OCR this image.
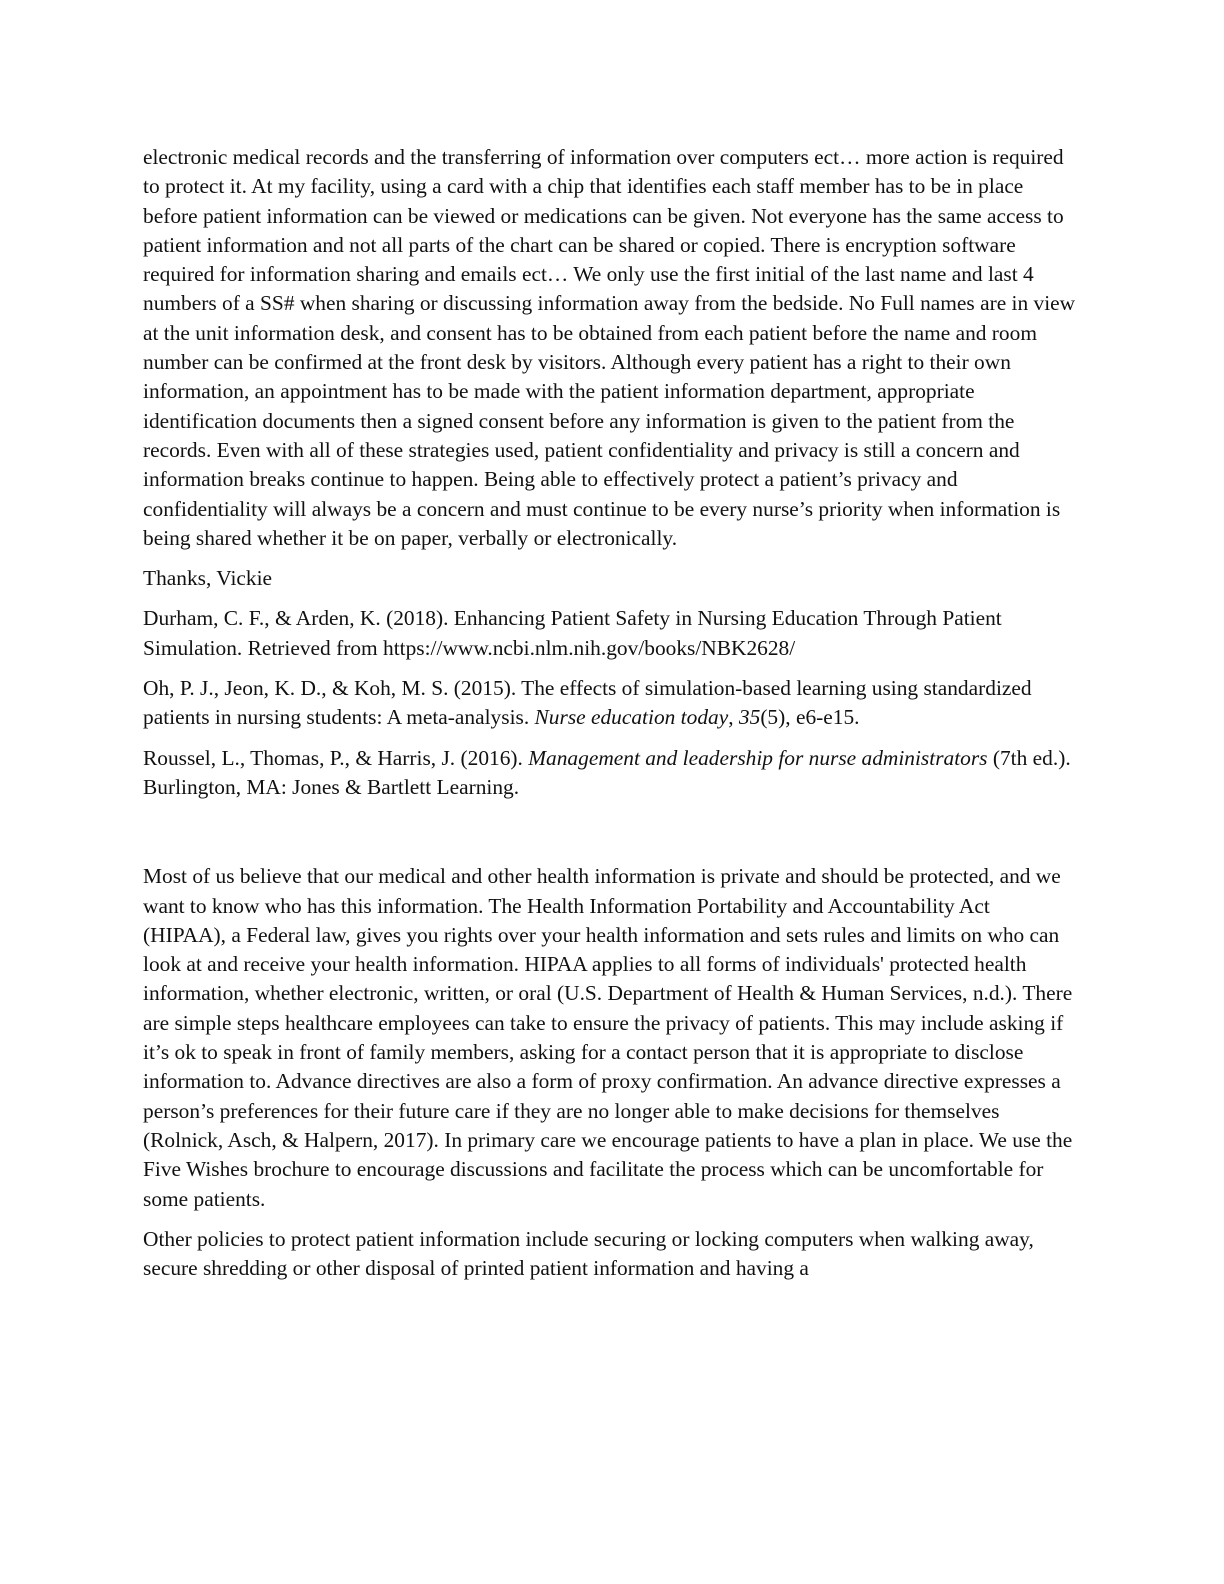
electronic medical records and the transferring of information over computers ect… more action is required to protect it. At my facility, using a card with a chip that identifies each staff member has to be in place before patient information can be viewed or medications can be given. Not everyone has the same access to patient information and not all parts of the chart can be shared or copied. There is encryption software required for information sharing and emails ect… We only use the first initial of the last name and last 4 numbers of a SS# when sharing or discussing information away from the bedside. No Full names are in view at the unit information desk, and consent has to be obtained from each patient before the name and room number can be confirmed at the front desk by visitors. Although every patient has a right to their own information, an appointment has to be made with the patient information department, appropriate identification documents then a signed consent before any information is given to the patient from the records. Even with all of these strategies used, patient confidentiality and privacy is still a concern and information breaks continue to happen. Being able to effectively protect a patient’s privacy and confidentiality will always be a concern and must continue to be every nurse’s priority when information is being shared whether it be on paper, verbally or electronically.

Thanks, Vickie

Durham, C. F., & Arden, K. (2018). Enhancing Patient Safety in Nursing Education Through Patient Simulation. Retrieved from https://www.ncbi.nlm.nih.gov/books/NBK2628/

Oh, P. J., Jeon, K. D., & Koh, M. S. (2015). The effects of simulation-based learning using standardized patients in nursing students: A meta-analysis. Nurse education today, 35(5), e6-e15.

Roussel, L., Thomas, P., & Harris, J. (2016). Management and leadership for nurse administrators (7th ed.). Burlington, MA: Jones & Bartlett Learning.

Most of us believe that our medical and other health information is private and should be protected, and we want to know who has this information. The Health Information Portability and Accountability Act (HIPAA), a Federal law, gives you rights over your health information and sets rules and limits on who can look at and receive your health information. HIPAA applies to all forms of individuals' protected health information, whether electronic, written, or oral (U.S. Department of Health & Human Services, n.d.). There are simple steps healthcare employees can take to ensure the privacy of patients. This may include asking if it’s ok to speak in front of family members, asking for a contact person that it is appropriate to disclose information to. Advance directives are also a form of proxy confirmation. An advance directive expresses a person’s preferences for their future care if they are no longer able to make decisions for themselves (Rolnick, Asch, & Halpern, 2017). In primary care we encourage patients to have a plan in place. We use the Five Wishes brochure to encourage discussions and facilitate the process which can be uncomfortable for some patients.

Other policies to protect patient information include securing or locking computers when walking away, secure shredding or other disposal of printed patient information and having a
